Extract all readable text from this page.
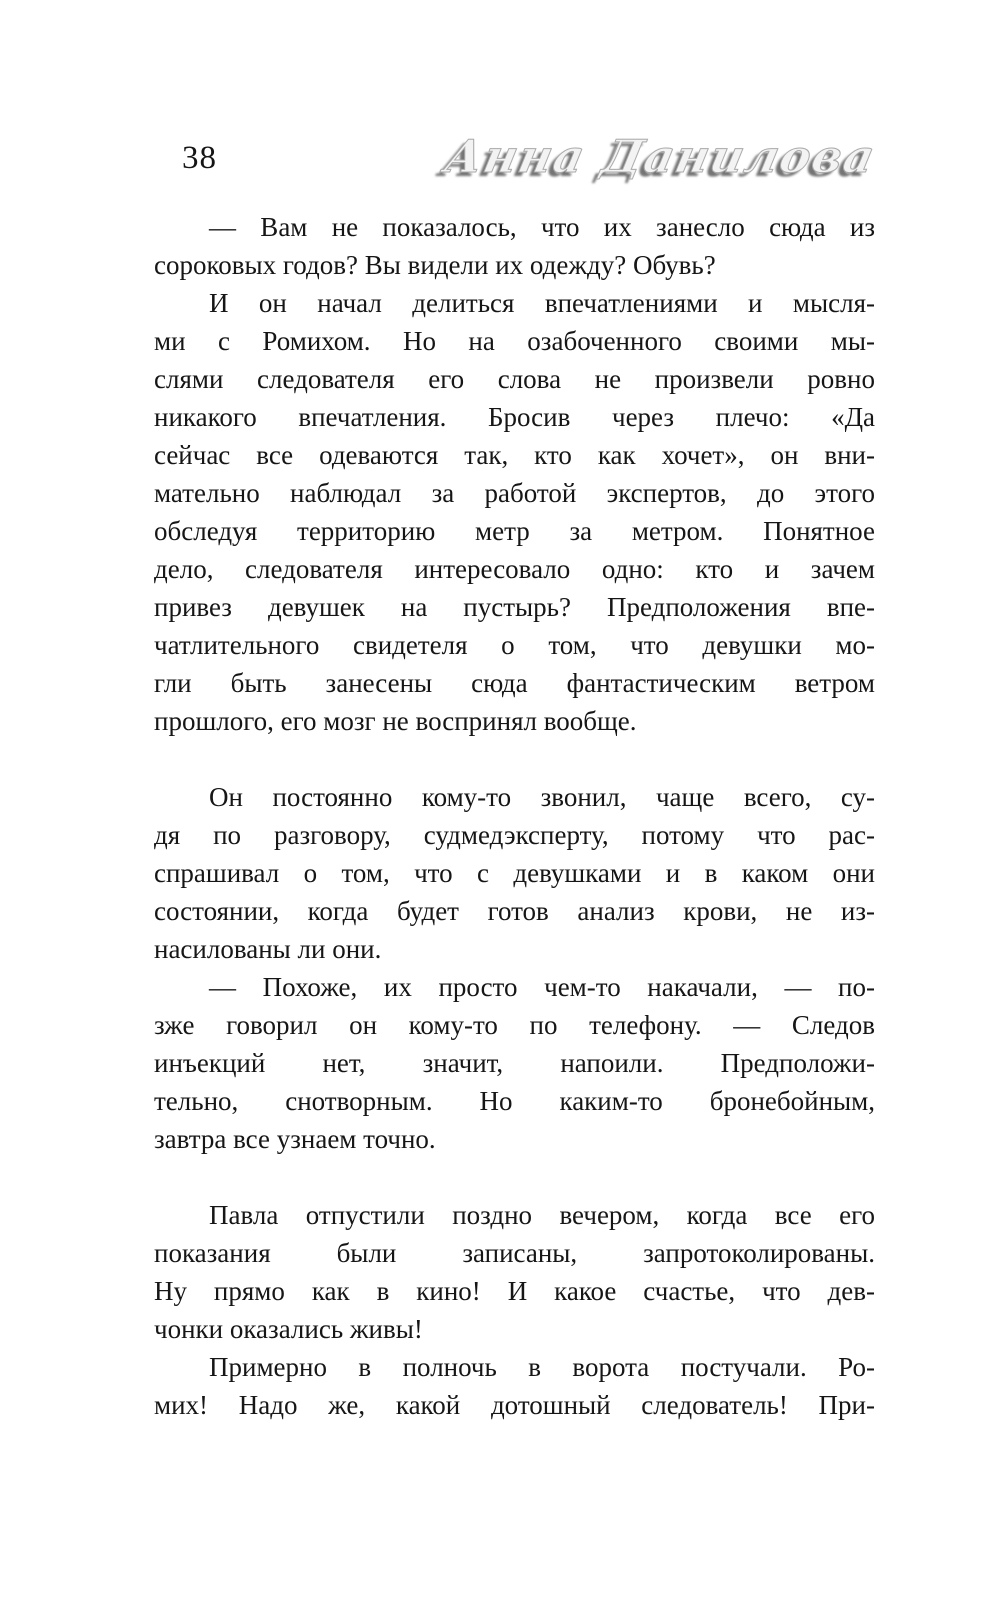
38	Анна Данилова
— Вам не показалось, что их занесло сюда из
сороковых годов? Вы видели их одежду? Обувь?
И он начал делиться впечатлениями и мысля-
ми с Ромихом. Но на озабоченного своими мы-
слями следователя его слова не произвели ровно
никакого впечатления. Бросив через плечо: «Да
сейчас все одеваются так, кто как хочет», он вни-
мательно наблюдал за работой экспертов, до этого
обследуя территорию метр за метром. Понятное
дело, следователя интересовало одно: кто и зачем
привез девушек на пустырь? Предположения впе-
чатлительного свидетеля о том, что девушки мо-
гли быть занесены сюда фантастическим ветром
прошлого, его мозг не воспринял вообще.
Он постоянно кому-то звонил, чаще всего, су-
дя по разговору, судмедэксперту, потому что рас-
спрашивал о том, что с девушками и в каком они
состоянии, когда будет готов анализ крови, не из-
насилованы ли они.
— Похоже, их просто чем-то накачали, — по-
зже говорил он кому-то по телефону. — Следов
инъекций нет, значит, напоили. Предположи-
тельно, снотворным. Но каким-то бронебойным,
завтра все узнаем точно.
Павла отпустили поздно вечером, когда все его
показания были записаны, запротоколированы.
Ну прямо как в кино! И какое счастье, что дев-
чонки оказались живы!
Примерно в полночь в ворота постучали. Ро-
мих! Надо же, какой дотошный следователь! При-
